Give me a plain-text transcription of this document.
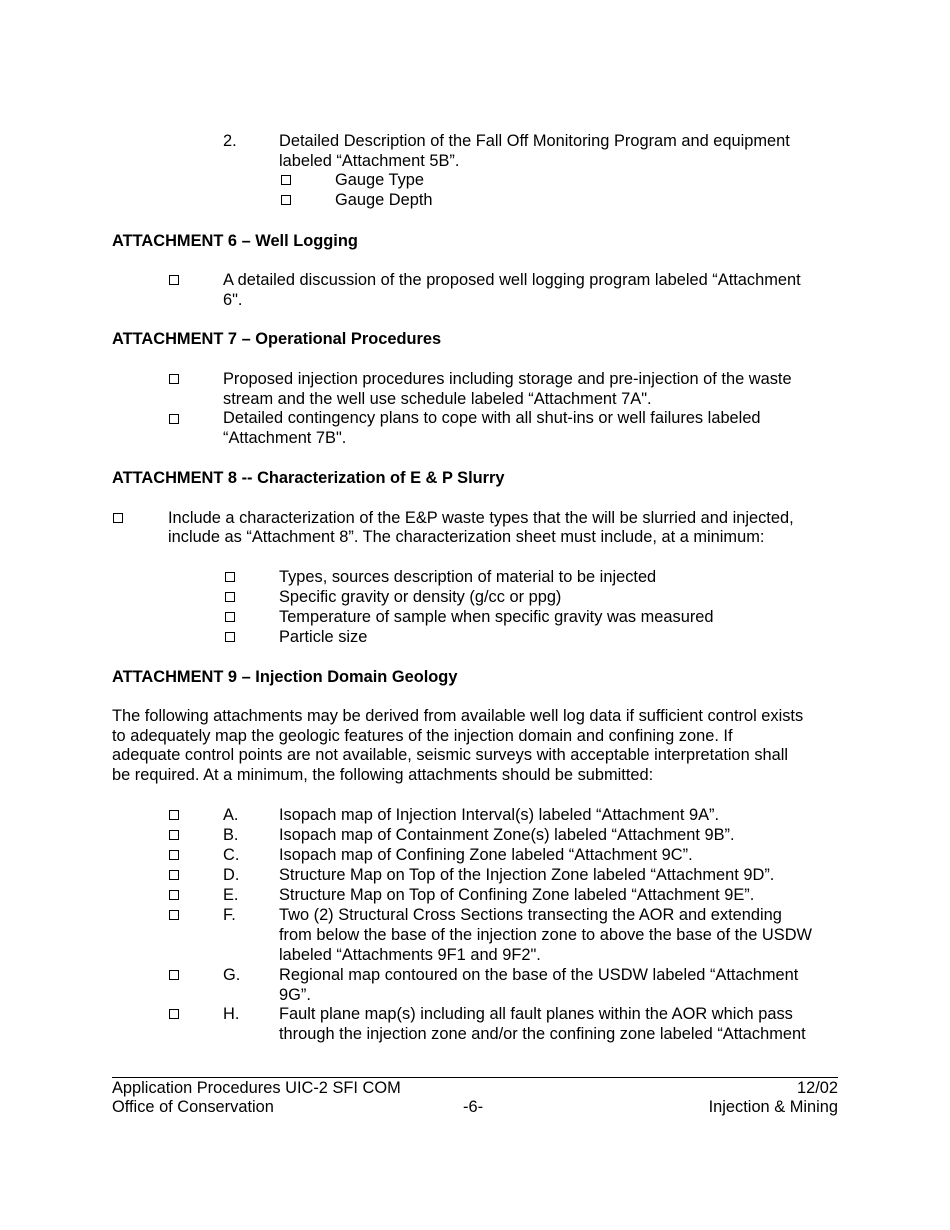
2.	Detailed Description of the Fall Off Monitoring Program and equipment
labeled “Attachment 5B”.
Gauge Type
Gauge Depth
ATTACHMENT 6 – Well Logging
A detailed discussion of the proposed well logging program labeled “Attachment
6".
ATTACHMENT 7 – Operational Procedures
Proposed injection procedures including storage and pre-injection of the waste
stream and the well use schedule labeled “Attachment 7A".
Detailed contingency plans to cope with all shut-ins or well failures labeled
“Attachment 7B".
ATTACHMENT 8 -- Characterization of E & P Slurry
Include a characterization of the E&P waste types that the will be slurried and injected,
include as “Attachment 8”. The characterization sheet must include, at a minimum:
Types, sources description of material to be injected
Specific gravity or density (g/cc or ppg)
Temperature of sample when specific gravity was measured
Particle size
ATTACHMENT 9 – Injection Domain Geology
The following attachments may be derived from available well log data if sufficient control exists
to adequately map the geologic features of the injection domain and confining zone. If
adequate control points are not available, seismic surveys with acceptable interpretation shall
be required. At a minimum, the following attachments should be submitted:
A. Isopach map of Injection Interval(s) labeled “Attachment 9A”.
B. Isopach map of Containment Zone(s) labeled “Attachment 9B”.
C. Isopach map of Confining Zone labeled “Attachment 9C”.
D. Structure Map on Top of the Injection Zone labeled “Attachment 9D”.
E. Structure Map on Top of Confining Zone labeled “Attachment 9E”.
F.	Two (2) Structural Cross Sections transecting the AOR and extending
from below the base of the injection zone to above the base of the USDW
labeled “Attachments 9F1 and 9F2".
G. Regional map contoured on the base of the USDW labeled “Attachment
9G”.
H. Fault plane map(s) including all fault planes within the AOR which pass
through the injection zone and/or the confining zone labeled “Attachment
Application Procedures UIC-2 SFI COM
Office of Conservation	-6-
12/02
Injection & Mining
